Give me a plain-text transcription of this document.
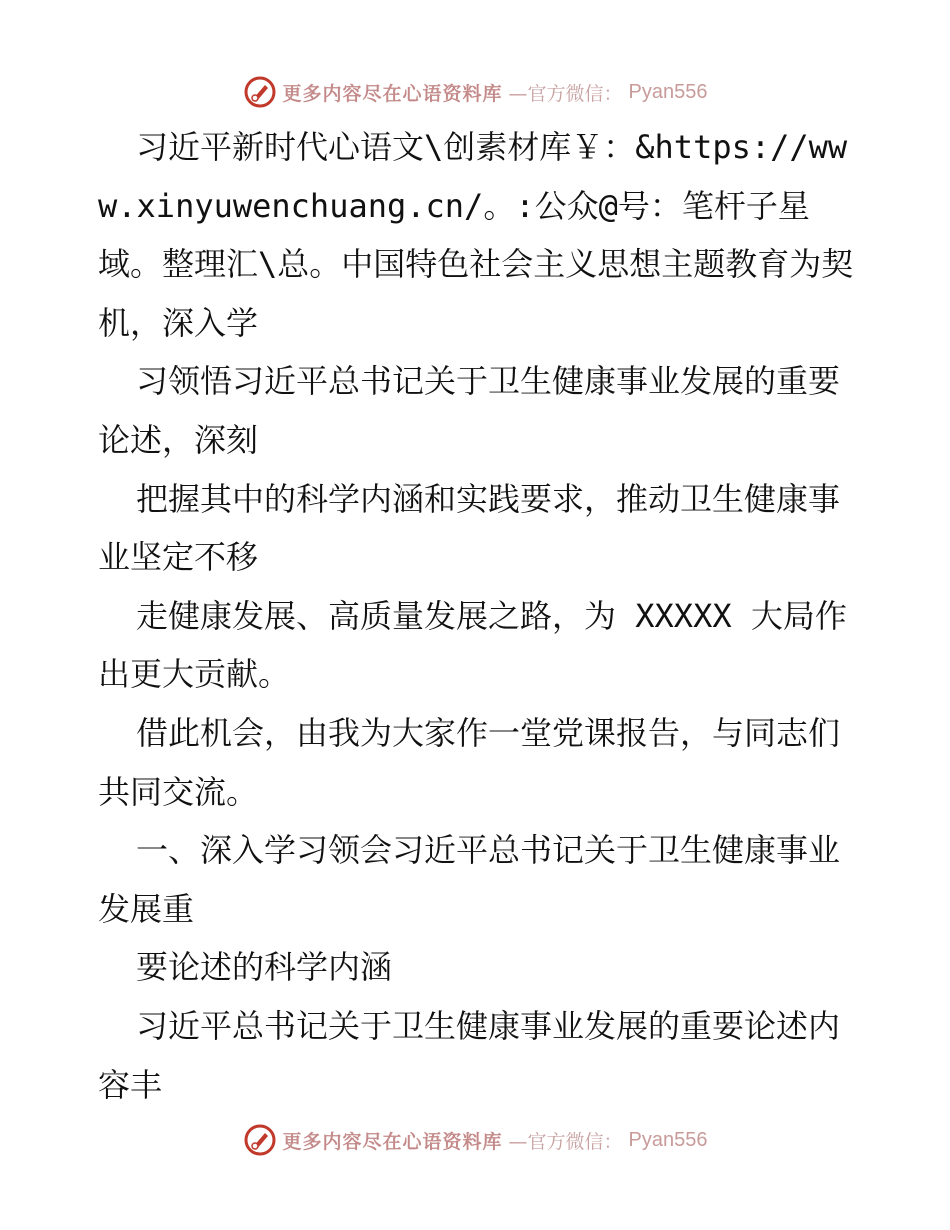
更多内容尽在心语资料库 —官方微信： Pyan556

习近平新时代心语文\创素材库￥：&https://www.xinyuwenchuang.cn/。:公众@号：笔杆子星域。整理汇\总。中国特色社会主义思想主题教育为契机，深入学

习领悟习近平总书记关于卫生健康事业发展的重要论述，深刻

把握其中的科学内涵和实践要求，推动卫生健康事业坚定不移

走健康发展、高质量发展之路，为 XXXXX 大局作出更大贡献。

借此机会，由我为大家作一堂党课报告，与同志们共同交流。

一、深入学习领会习近平总书记关于卫生健康事业发展重

要论述的科学内涵

习近平总书记关于卫生健康事业发展的重要论述内容丰

更多内容尽在心语资料库 —官方微信： Pyan556
